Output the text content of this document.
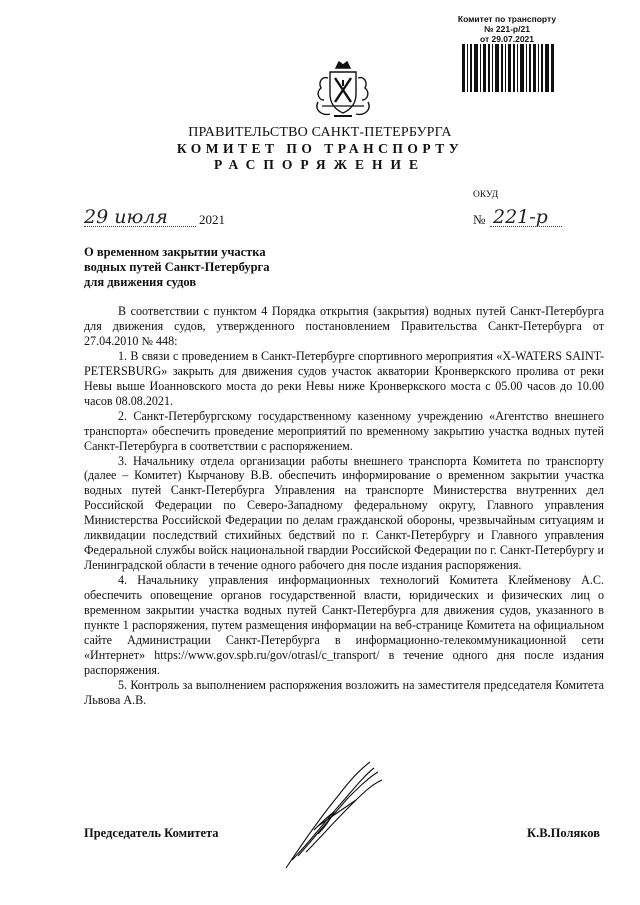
Комитет по транспорту
№ 221-р/21
от 29.07.2021
ПРАВИТЕЛЬСТВО САНКТ-ПЕТЕРБУРГА
КОМИТЕТ ПО ТРАНСПОРТУ
РАСПОРЯЖЕНИЕ
ОКУД
29 июля 2021	№ 221-р
О временном закрытии участка
водных путей Санкт-Петербурга
для движения судов

В соответствии с пунктом 4 Порядка открытия (закрытия) водных путей Санкт-Петербурга для движения судов, утвержденного постановлением Правительства Санкт-Петербурга от 27.04.2010 № 448:

1. В связи с проведением в Санкт-Петербурге спортивного мероприятия «X-WATERS SAINT-PETERSBURG» закрыть для движения судов участок акватории Кронверкского пролива от реки Невы выше Иоанновского моста до реки Невы ниже Кронверкского моста с 05.00 часов до 10.00 часов 08.08.2021.

2. Санкт-Петербургскому государственному казенному учреждению «Агентство внешнего транспорта» обеспечить проведение мероприятий по временному закрытию участка водных путей Санкт-Петербурга в соответствии с распоряжением.

3. Начальнику отдела организации работы внешнего транспорта Комитета по транспорту (далее – Комитет) Кырчанову В.В. обеспечить информирование о временном закрытии участка водных путей Санкт-Петербурга Управления на транспорте Министерства внутренних дел Российской Федерации по Северо-Западному федеральному округу, Главного управления Министерства Российской Федерации по делам гражданской обороны, чрезвычайным ситуациям и ликвидации последствий стихийных бедствий по г. Санкт-Петербургу и Главного управления Федеральной службы войск национальной гвардии Российской Федерации по г. Санкт-Петербургу и Ленинградской области в течение одного рабочего дня после издания распоряжения.

4. Начальнику управления информационных технологий Комитета Клейменову А.С. обеспечить оповещение органов государственной власти, юридических и физических лиц о временном закрытии участка водных путей Санкт-Петербурга для движения судов, указанного в пункте 1 распоряжения, путем размещения информации на веб-странице Комитета на официальном сайте Администрации Санкт-Петербурга в информационно-телекоммуникационной сети «Интернет» https://www.gov.spb.ru/gov/otrasl/c_transport/ в течение одного дня после издания распоряжения.

5. Контроль за выполнением распоряжения возложить на заместителя председателя Комитета Львова А.В.

Председатель Комитета	К.В.Поляков
